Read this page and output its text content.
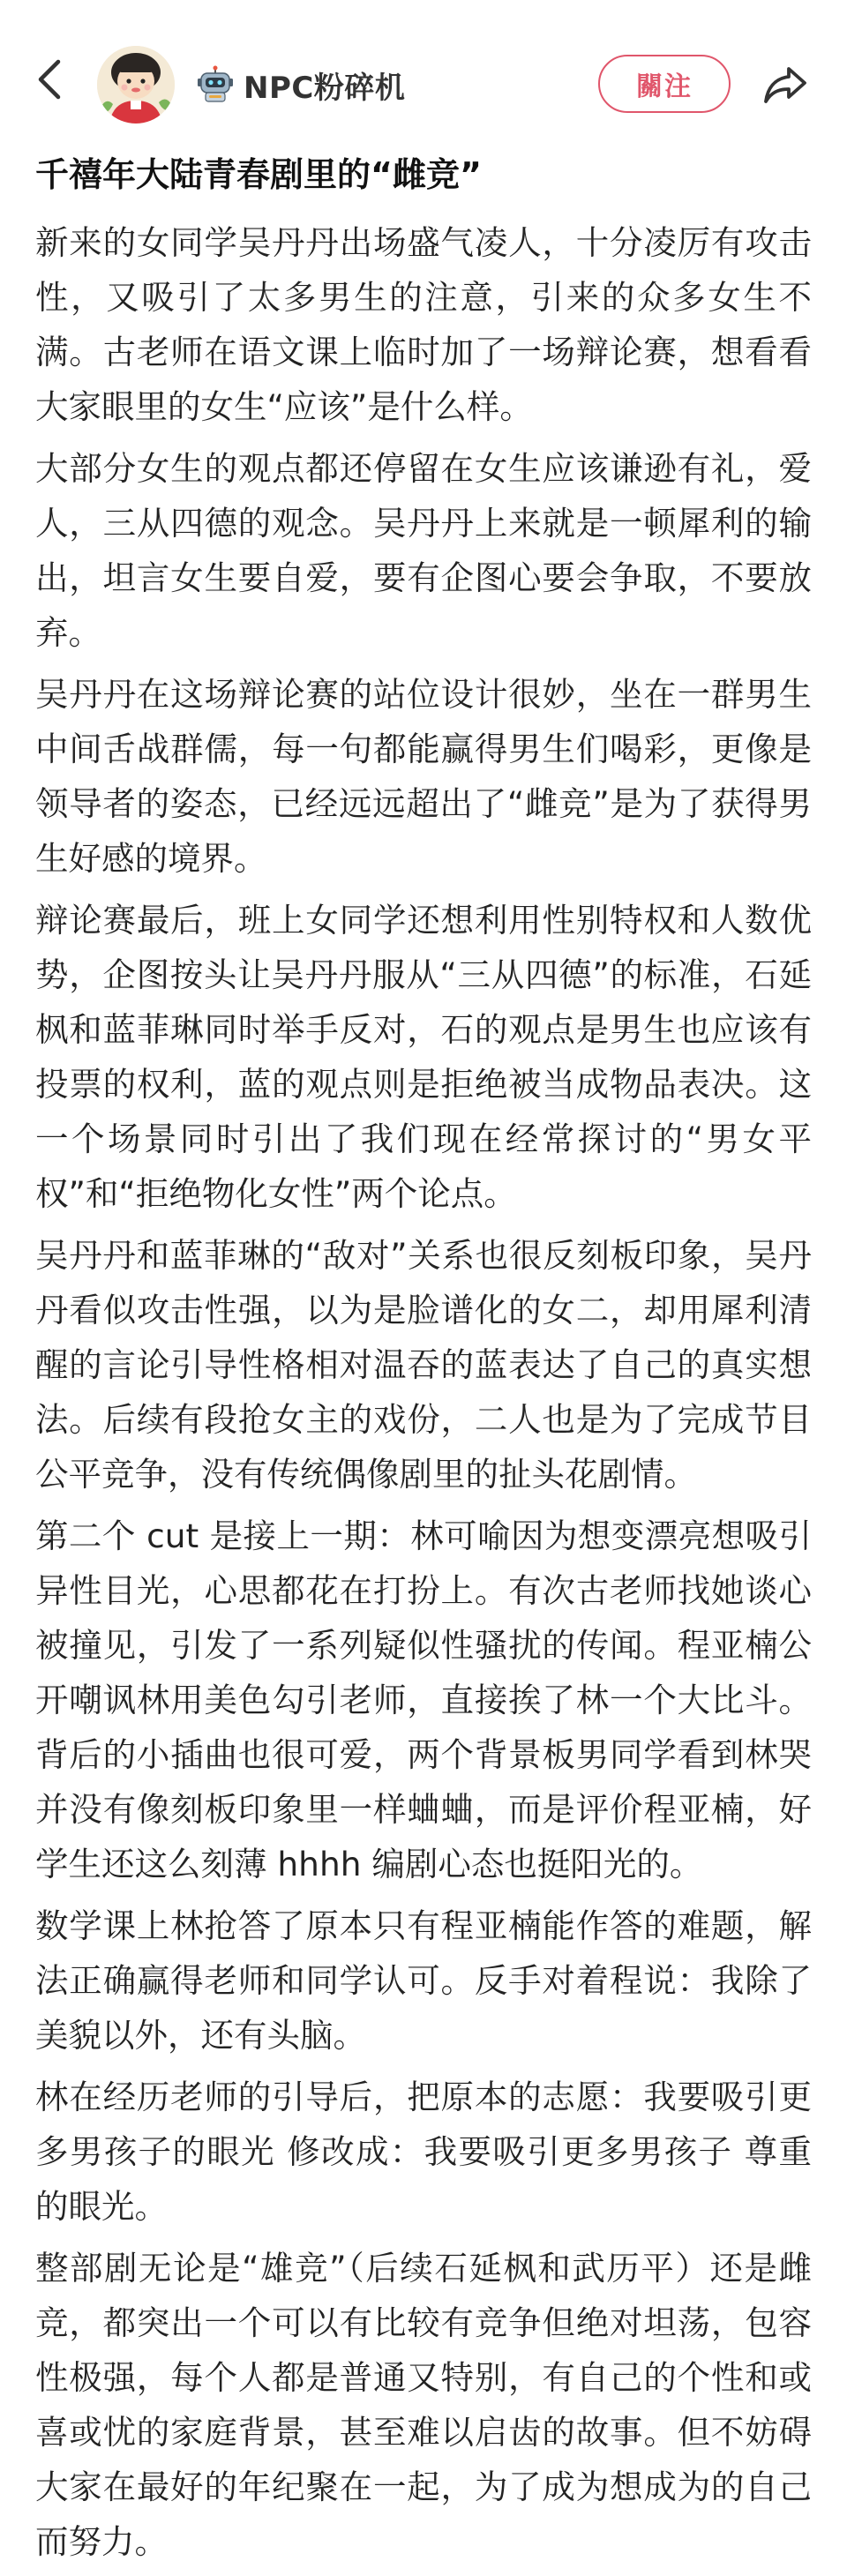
NPC粉碎机	關注
千禧年大陆青春剧里的“雌竞”

新来的女同学吴丹丹出场盛气凌人，十分凌厉有攻击性，又吸引了太多男生的注意，引来的众多女生不满。古老师在语文课上临时加了一场辩论赛，想看看大家眼里的女生“应该”是什么样。

大部分女生的观点都还停留在女生应该谦逊有礼，爱人，三从四德的观念。吴丹丹上来就是一顿犀利的输出，坦言女生要自爱，要有企图心要会争取，不要放弃。

吴丹丹在这场辩论赛的站位设计很妙，坐在一群男生中间舌战群儒，每一句都能赢得男生们喝彩，更像是领导者的姿态，已经远远超出了“雌竞”是为了获得男生好感的境界。

辩论赛最后，班上女同学还想利用性别特权和人数优势，企图按头让吴丹丹服从“三从四德”的标准，石延枫和蓝菲琳同时举手反对，石的观点是男生也应该有投票的权利，蓝的观点则是拒绝被当成物品表决。这一个场景同时引出了我们现在经常探讨的“男女平权”和“拒绝物化女性”两个论点。

吴丹丹和蓝菲琳的“敌对”关系也很反刻板印象，吴丹丹看似攻击性强，以为是脸谱化的女二，却用犀利清醒的言论引导性格相对温吞的蓝表达了自己的真实想法。后续有段抢女主的戏份，二人也是为了完成节目公平竞争，没有传统偶像剧里的扯头花剧情。

第二个 cut 是接上一期：林可喻因为想变漂亮想吸引异性目光，心思都花在打扮上。有次古老师找她谈心被撞见，引发了一系列疑似性骚扰的传闻。程亚楠公开嘲讽林用美色勾引老师，直接挨了林一个大比斗。背后的小插曲也很可爱，两个背景板男同学看到林哭并没有像刻板印象里一样蛐蛐，而是评价程亚楠，好学生还这么刻薄 hhhh 编剧心态也挺阳光的。

数学课上林抢答了原本只有程亚楠能作答的难题，解法正确赢得老师和同学认可。反手对着程说：我除了美貌以外，还有头脑。

林在经历老师的引导后，把原本的志愿：我要吸引更多男孩子的眼光 修改成：我要吸引更多男孩子 尊重的眼光。

整部剧无论是“雄竞”（后续石延枫和武历平）还是雌竞，都突出一个可以有比较有竞争但绝对坦荡，包容性极强，每个人都是普通又特别，有自己的个性和或喜或忧的家庭背景，甚至难以启齿的故事。但不妨碍大家在最好的年纪聚在一起，为了成为想成为的自己而努力。
